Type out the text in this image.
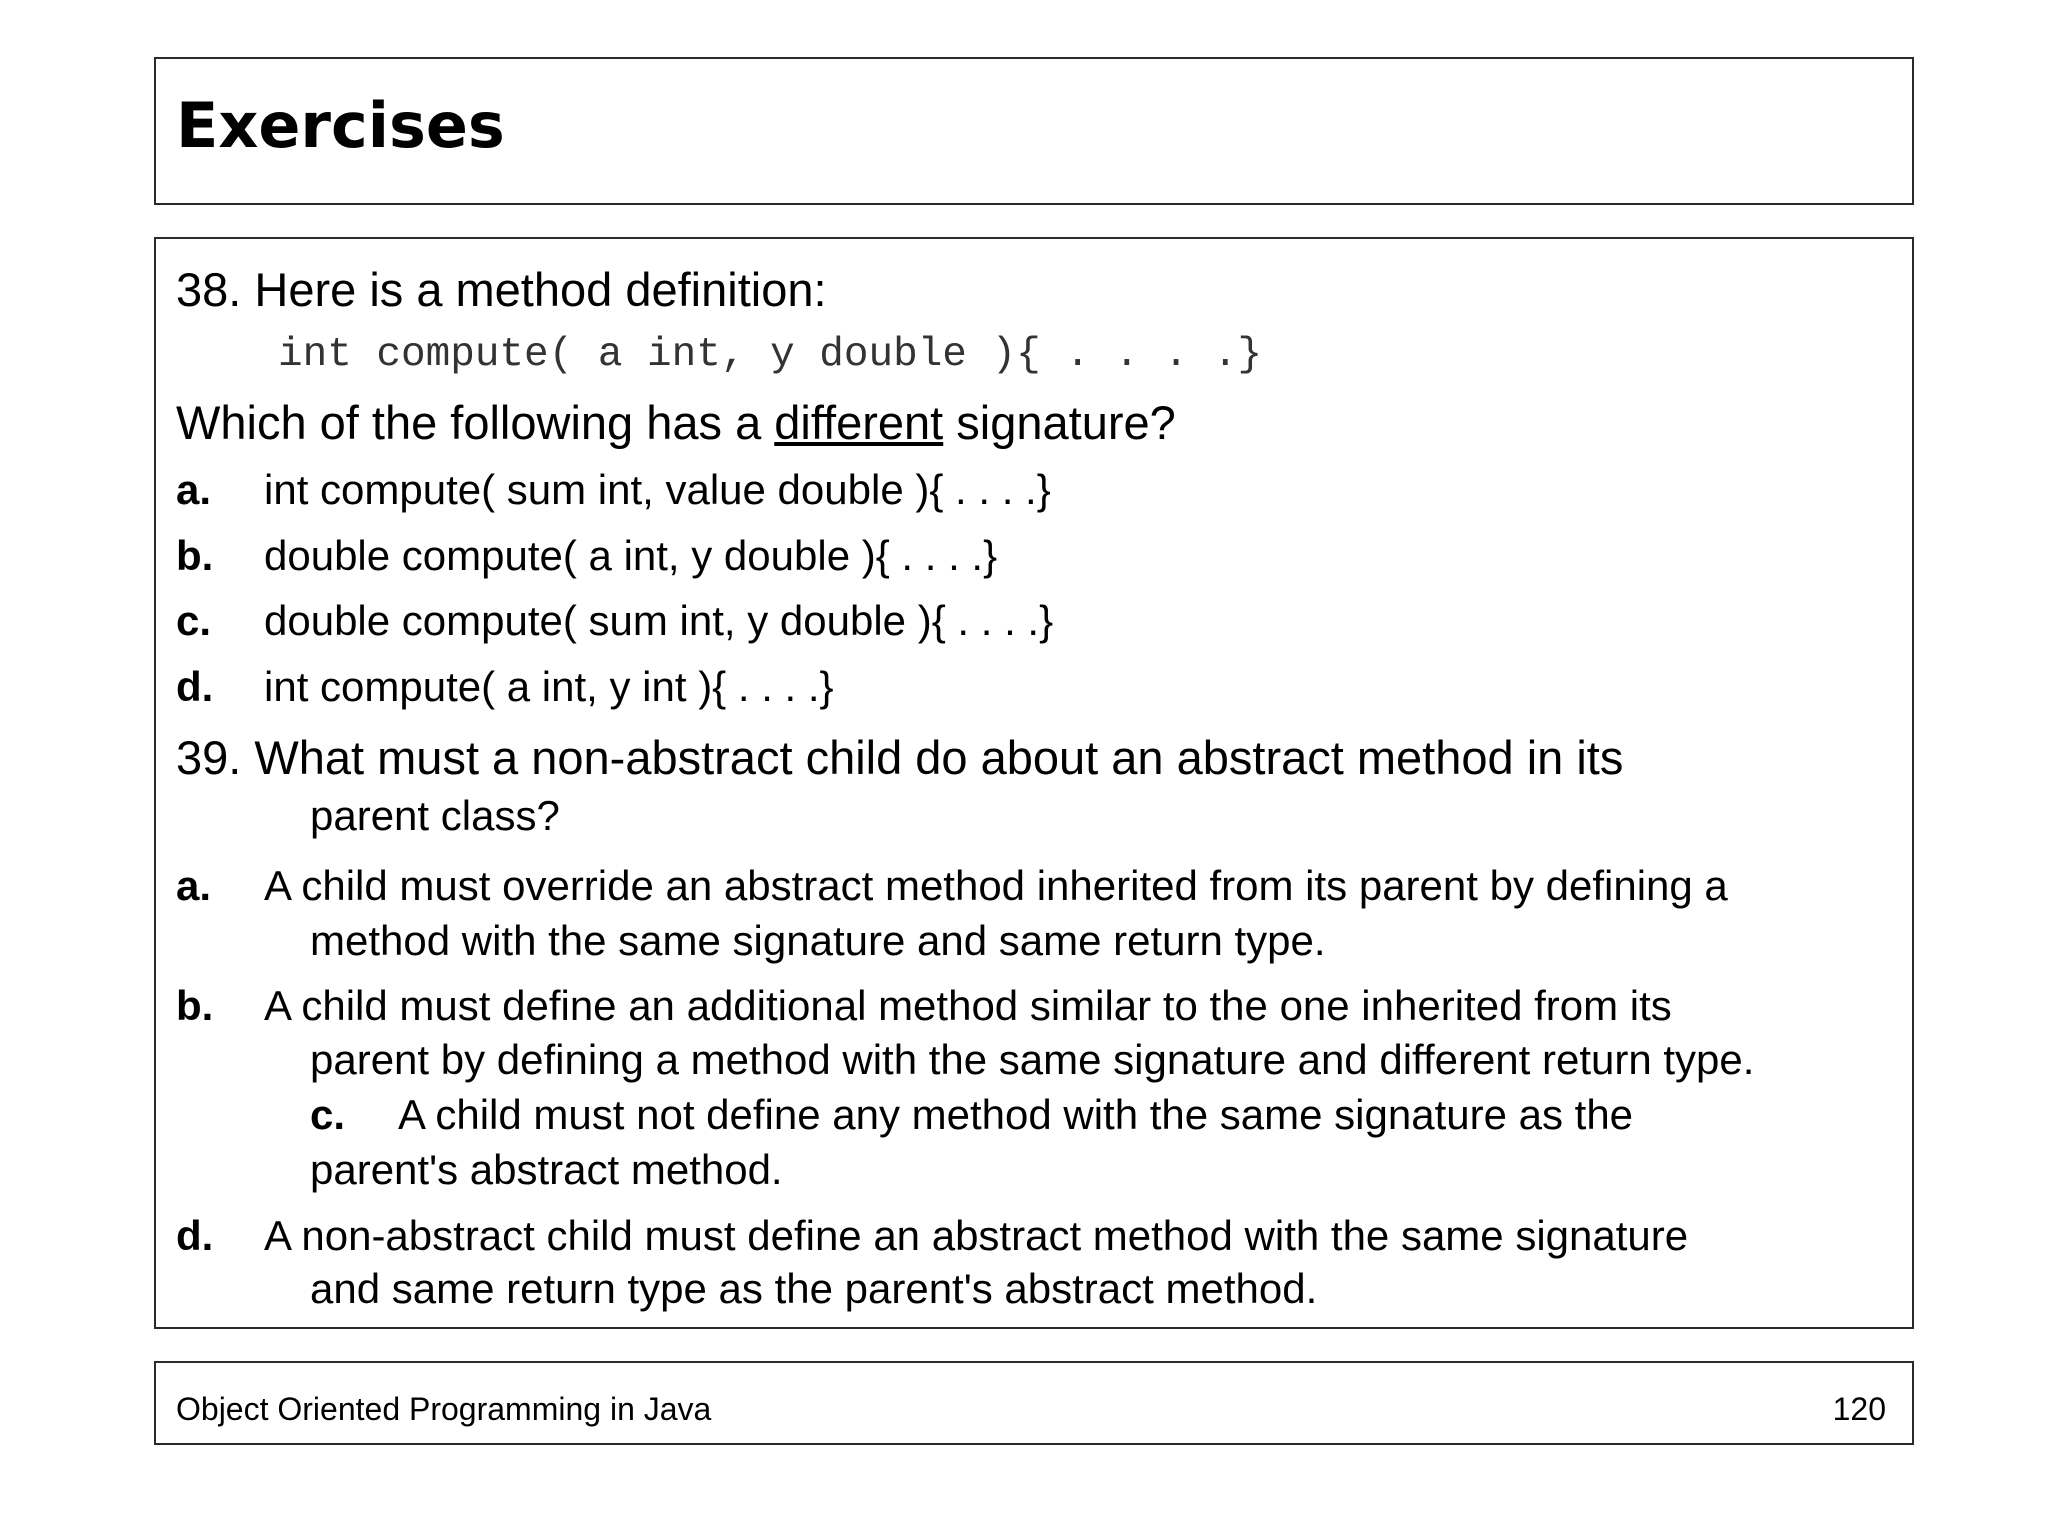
Exercises
38. Here is a method definition:
int compute( a int, y double ){ . . . .}
Which of the following has a different signature?
a. int compute( sum int, value double ){ . . . .}
b. double compute( a int, y double ){ . . . .}
c. double compute( sum int, y double ){ . . . .}
d. int compute( a int, y int ){ . . . .}
39. What must a non-abstract child do about an abstract method in its
parent class?
a. A child must override an abstract method inherited from its parent by defining a
method with the same signature and same return type.
b. A child must define an additional method similar to the one inherited from its
parent by defining a method with the same signature and different return type.
c. A child must not define any method with the same signature as the
parent's abstract method.
d. A non-abstract child must define an abstract method with the same signature
and same return type as the parent's abstract method.
Object Oriented Programming in Java	120
